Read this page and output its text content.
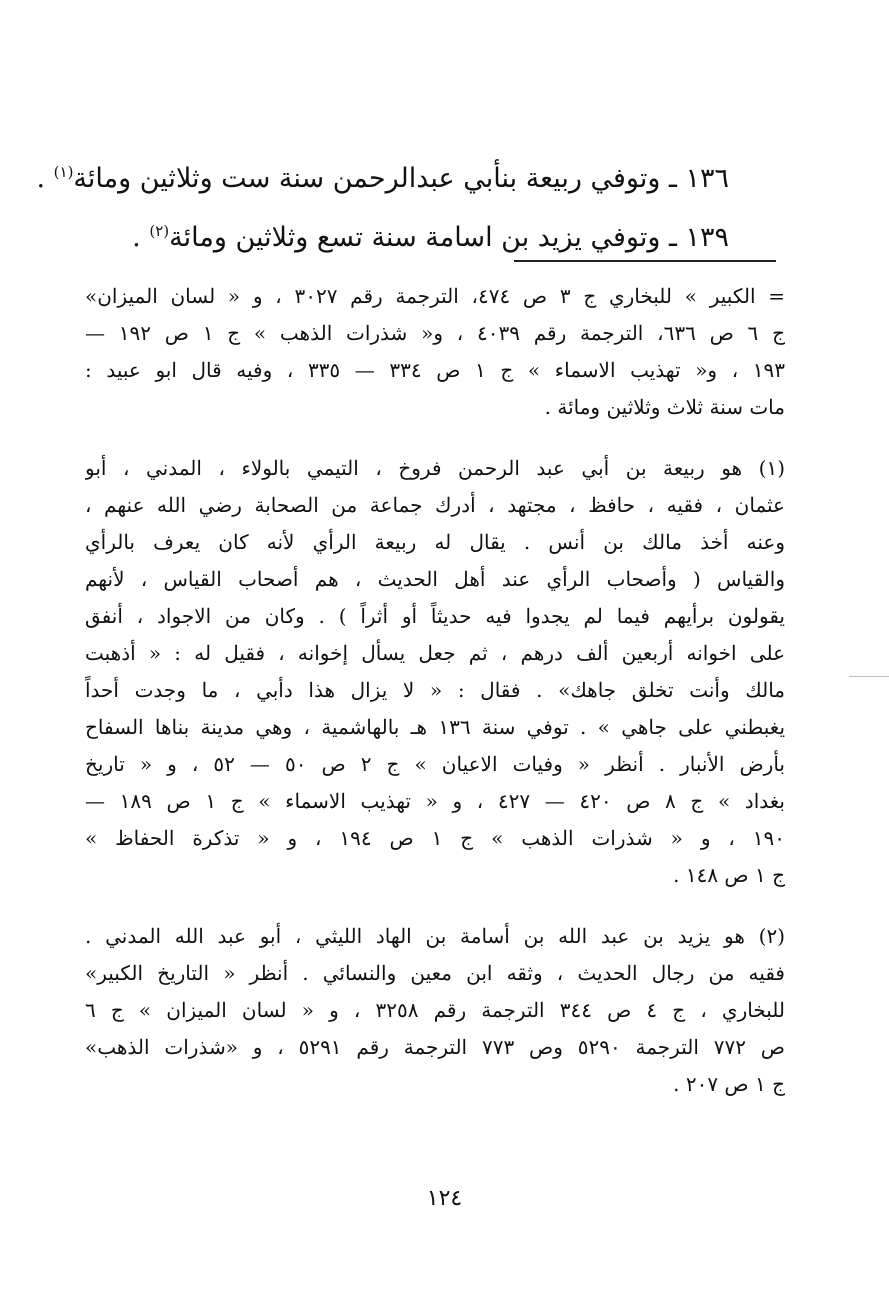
١٣٦ ـ وتوفي ربيعة بنأبي عبدالرحمن سنة ست وثلاثين ومائة$^{(١)}$ .
١٣٩ ـ وتوفي يزيد بن اسامة سنة تسع وثلاثين ومائة$^{(٢)}$ .
= الكبير » للبخاري ج ٣ ص ٤٧٤، الترجمة رقم ٣٠٢٧ ، و « لسان الميزان»
ج ٦ ص ٦٣٦، الترجمة رقم ٤٠٣٩ ، و« شذرات الذهب » ج ١ ص ١٩٢ —
١٩٣ ، و« تهذيب الاسماء » ج ١ ص ٣٣٤ — ٣٣٥ ، وفيه قال ابو عبيد :
مات سنة ثلاث وثلاثين ومائة .
(١) هو ربيعة بن أبي عبد الرحمن فروخ ، التيمي بالولاء ، المدني ، أبو
عثمان ، فقيه ، حافظ ، مجتهد ، أدرك جماعة من الصحابة رضي الله عنهم ،
وعنه أخذ مالك بن أنس . يقال له ربيعة الرأي لأنه كان يعرف بالرأي
والقياس ( وأصحاب الرأي عند أهل الحديث ، هم أصحاب القياس ، لأنهم
يقولون برأيهم فيما لم يجدوا فيه حديثاً أو أثراً ) . وكان من الاجواد ، أنفق
على اخوانه أربعين ألف درهم ، ثم جعل يسأل إخوانه ، فقيل له : « أذهبت
مالك وأنت تخلق جاهك» . فقال : « لا يزال هذا دأبي ، ما وجدت أحداً
يغبطني على جاهي » . توفي سنة ١٣٦ هـ بالهاشمية ، وهي مدينة بناها السفاح
بأرض الأنبار . أنظر « وفيات الاعيان » ج ٢ ص ٥٠ — ٥٢ ، و « تاريخ
بغداد » ج ٨ ص ٤٢٠ — ٤٢٧ ، و « تهذيب الاسماء » ج ١ ص ١٨٩ —
١٩٠ ، و « شذرات الذهب » ج ١ ص ١٩٤ ، و « تذكرة الحفاظ »
ج ١ ص ١٤٨ .
(٢) هو يزيد بن عبد الله بن أسامة بن الهاد الليثي ، أبو عبد الله المدني .
فقيه من رجال الحديث ، وثقه ابن معين والنسائي . أنظر « التاريخ الكبير»
للبخاري ، ج ٤ ص ٣٤٤ الترجمة رقم ٣٢٥٨ ، و « لسان الميزان » ج ٦
ص ٧٧٢ الترجمة ٥٢٩٠ وص ٧٧٣ الترجمة رقم ٥٢٩١ ، و «شذرات الذهب»
ج ١ ص ٢٠٧ .
١٢٤
